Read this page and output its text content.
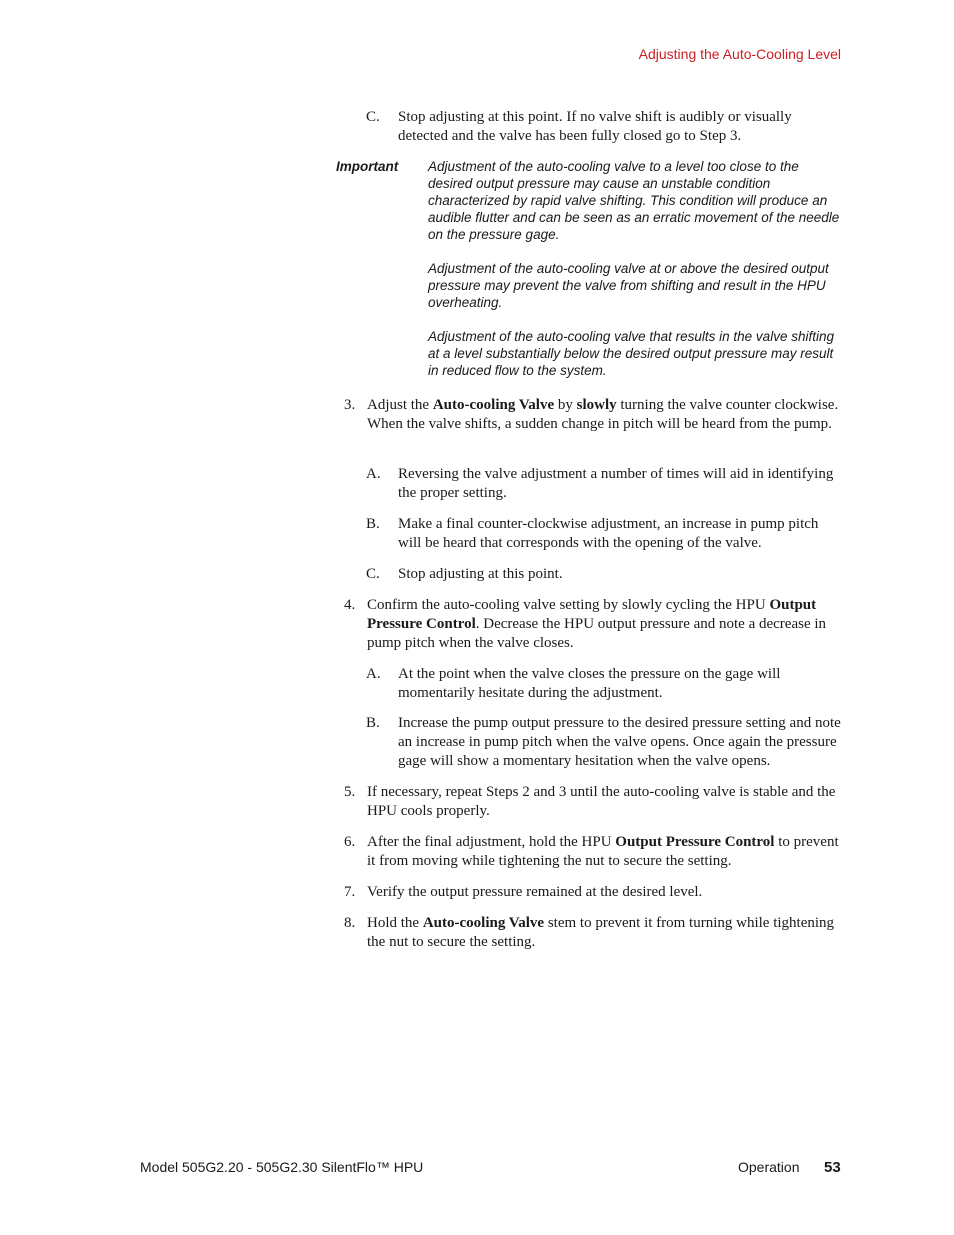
Adjusting the Auto-Cooling Level
C. Stop adjusting at this point. If no valve shift is audibly or visually detected and the valve has been fully closed go to Step 3.
Important Adjustment of the auto-cooling valve to a level too close to the desired output pressure may cause an unstable condition characterized by rapid valve shifting. This condition will produce an audible flutter and can be seen as an erratic movement of the needle on the pressure gage.

Adjustment of the auto-cooling valve at or above the desired output pressure may prevent the valve from shifting and result in the HPU overheating.

Adjustment of the auto-cooling valve that results in the valve shifting at a level substantially below the desired output pressure may result in reduced flow to the system.

3. Adjust the Auto-cooling Valve by slowly turning the valve counter clockwise. When the valve shifts, a sudden change in pitch will be heard from the pump.
A. Reversing the valve adjustment a number of times will aid in identifying the proper setting.
B. Make a final counter-clockwise adjustment, an increase in pump pitch will be heard that corresponds with the opening of the valve.
C. Stop adjusting at this point.
4. Confirm the auto-cooling valve setting by slowly cycling the HPU Output Pressure Control. Decrease the HPU output pressure and note a decrease in pump pitch when the valve closes.
A. At the point when the valve closes the pressure on the gage will momentarily hesitate during the adjustment.
B. Increase the pump output pressure to the desired pressure setting and note an increase in pump pitch when the valve opens. Once again the pressure gage will show a momentary hesitation when the valve opens.
5. If necessary, repeat Steps 2 and 3 until the auto-cooling valve is stable and the HPU cools properly.
6. After the final adjustment, hold the HPU Output Pressure Control to prevent it from moving while tightening the nut to secure the setting.
7. Verify the output pressure remained at the desired level.
8. Hold the Auto-cooling Valve stem to prevent it from turning while tightening the nut to secure the setting.
Model 505G2.20 - 505G2.30 SilentFlo™ HPU	Operation 53
